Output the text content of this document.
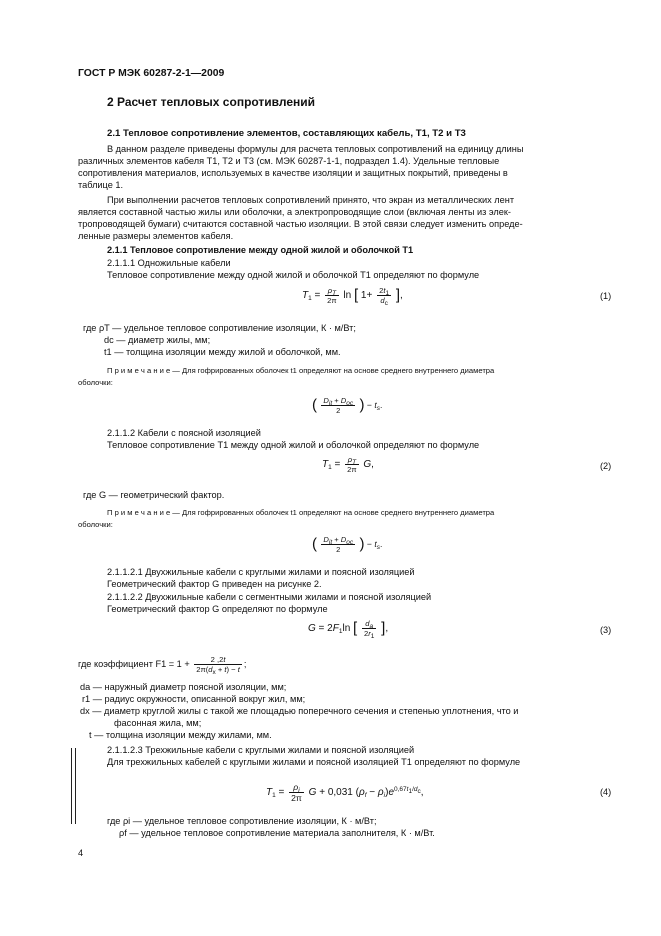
ГОСТ Р МЭК 60287-2-1—2009
2 Расчет тепловых сопротивлений
2.1 Тепловое сопротивление элементов, составляющих кабель, T1, T2 и T3
В данном разделе приведены формулы для расчета тепловых сопротивлений на единицу длины
различных элементов кабеля T1, T2 и T3 (см. МЭК 60287-1-1, подраздел 1.4). Удельные тепловые
сопротивления материалов, используемых в качестве изоляции и защитных покрытий, приведены в
таблице 1.
При выполнении расчетов тепловых сопротивлений принято, что экран из металлических лент
является составной частью жилы или оболочки, а электропроводящие слои (включая ленты из элек-
тропроводящей бумаги) считаются составной частью изоляции. В этой связи следует изменить опреде-
ленные размеры элементов кабеля.
2.1.1 Тепловое сопротивление между одной жилой и оболочкой T1
2.1.1.1 Одножильные кабели
Тепловое сопротивление между одной жилой и оболочкой T1 определяют по формуле
$T_1 = \frac{\rho_T}{2\pi}$ ln [ $1+ \frac{2t_1}{d_c}$ ],	(1)
где ρT — удельное тепловое сопротивление изоляции, К · м/Вт;
dc — диаметр жилы, мм;
t1 — толщина изоляции между жилой и оболочкой, мм.
П р и м е ч а н и е — Для гофрированных оболочек t1 определяют на основе среднего внутреннего диаметра
оболочки:
( $\frac{D_{it} + D_{oc}}{2}$ ) − $t_s$.
2.1.1.2 Кабели с поясной изоляцией
Тепловое сопротивление T1 между одной жилой и оболочкой определяют по формуле
$T_1 = \frac{\rho_T}{2\pi} G$,	(2)
где G — геометрический фактор.
П р и м е ч а н и е — Для гофрированных оболочек t1 определяют на основе среднего внутреннего диаметра
оболочки:
( $\frac{D_{it} + D_{oc}}{2}$ ) − $t_s$.
2.1.1.2.1 Двухжильные кабели с круглыми жилами и поясной изоляцией
Геометрический фактор G приведен на рисунке 2.
2.1.1.2.2 Двухжильные кабели с сегментными жилами и поясной изоляцией
Геометрический фактор G определяют по формуле
$G = 2F_1\ln$ [ $\frac{d_a}{2r_1}$ ],	(3)
где коэффициент $F1 = 1 + \frac{2 ,2t}{2\pi(d_x + t) - t}$ ;
da — наружный диаметр поясной изоляции, мм;
r1 — радиус окружности, описанной вокруг жил, мм;
dx — диаметр круглой жилы с такой же площадью поперечного сечения и степенью уплотнения, что и
фасонная жила, мм;
t — толщина изоляции между жилами, мм.
2.1.1.2.3 Трехжильные кабели с круглыми жилами и поясной изоляцией
Для трехжильных кабелей с круглыми жилами и поясной изоляцией T1 определяют по формуле
$T_1 = \frac{\rho_i}{2\pi}$ G + 0,031 $(\rho_f - \rho_i)e^{0,67t_1/d_c}$,	(4)
где ρi — удельное тепловое сопротивление изоляции, К · м/Вт;
ρf — удельное тепловое сопротивление материала заполнителя, К · м/Вт.
4
